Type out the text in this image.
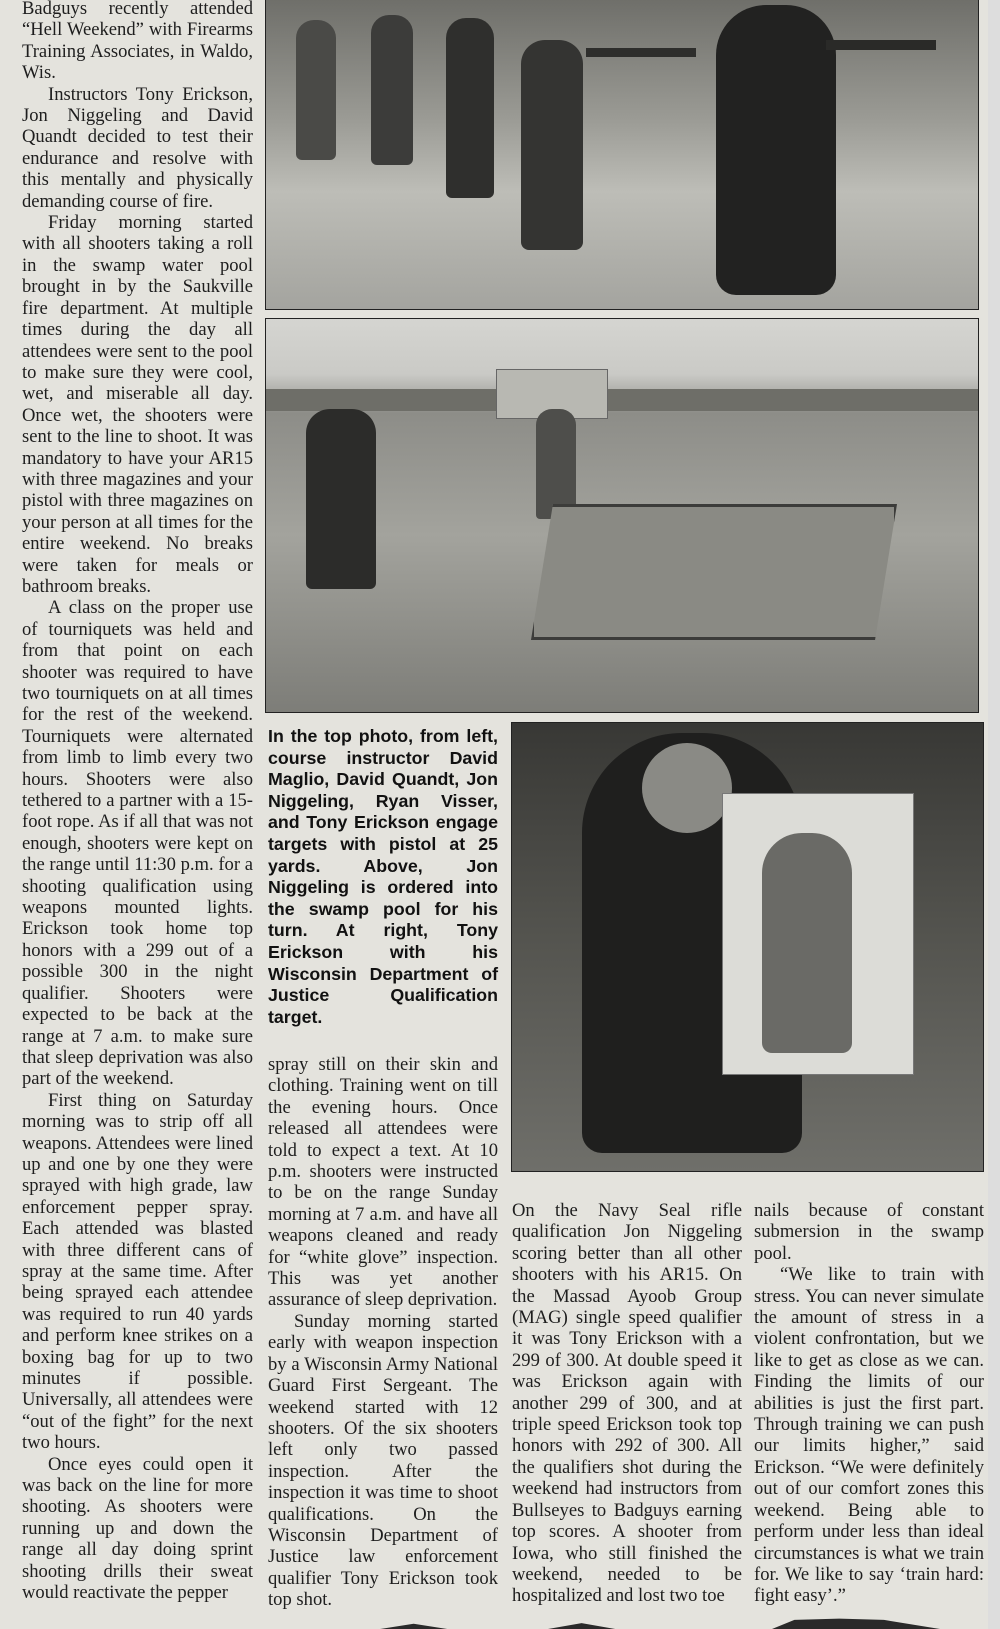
Badguys recently attended “Hell Weekend” with Firearms Training Associates, in Waldo, Wis.

Instructors Tony Erickson, Jon Niggeling and David Quandt decided to test their endurance and resolve with this mentally and physically demanding course of fire.

Friday morning started with all shooters taking a roll in the swamp water pool brought in by the Saukville fire department. At multiple times during the day all attendees were sent to the pool to make sure they were cool, wet, and miserable all day. Once wet, the shooters were sent to the line to shoot. It was mandatory to have your AR15 with three magazines and your pistol with three magazines on your person at all times for the entire weekend. No breaks were taken for meals or bathroom breaks.

A class on the proper use of tourniquets was held and from that point on each shooter was required to have two tourniquets on at all times for the rest of the weekend. Tourniquets were alternated from limb to limb every two hours. Shooters were also tethered to a partner with a 15-foot rope. As if all that was not enough, shooters were kept on the range until 11:30 p.m. for a shooting qualification using weapons mounted lights. Erickson took home top honors with a 299 out of a possible 300 in the night qualifier. Shooters were expected to be back at the range at 7 a.m. to make sure that sleep deprivation was also part of the weekend.

First thing on Saturday morning was to strip off all weapons. Attendees were lined up and one by one they were sprayed with high grade, law enforcement pepper spray. Each attended was blasted with three different cans of spray at the same time. After being sprayed each attendee was required to run 40 yards and perform knee strikes on a boxing bag for up to two minutes if possible. Universally, all attendees were “out of the fight” for the next two hours.

Once eyes could open it was back on the line for more shooting. As shooters were running up and down the range all day doing sprint shooting drills their sweat would reactivate the pepper

In the top photo, from left, course instructor David Maglio, David Quandt, Jon Niggeling, Ryan Visser, and Tony Erickson engage targets with pistol at 25 yards. Above, Jon Niggeling is ordered into the swamp pool for his turn. At right, Tony Erickson with his Wisconsin Department of Justice Qualification target.

spray still on their skin and clothing. Training went on till the evening hours. Once released all attendees were told to expect a text. At 10 p.m. shooters were instructed to be on the range Sunday morning at 7 a.m. and have all weapons cleaned and ready for “white glove” inspection. This was yet another assurance of sleep deprivation.

Sunday morning started early with weapon inspection by a Wisconsin Army National Guard First Sergeant. The weekend started with 12 shooters. Of the six shooters left only two passed inspection. After the inspection it was time to shoot qualifications. On the Wisconsin Department of Justice law enforcement qualifier Tony Erickson took top shot.

On the Navy Seal rifle qualification Jon Niggeling scoring better than all other shooters with his AR15. On the Massad Ayoob Group (MAG) single speed qualifier it was Tony Erickson with a 299 of 300. At double speed it was Erickson again with another 299 of 300, and at triple speed Erickson took top honors with 292 of 300. All the qualifiers shot during the weekend had instructors from Bullseyes to Badguys earning top scores. A shooter from Iowa, who still finished the weekend, needed to be hospitalized and lost two toe

nails because of constant submersion in the swamp pool.

“We like to train with stress. You can never simulate the amount of stress in a violent confrontation, but we like to get as close as we can. Finding the limits of our abilities is just the first part. Through training we can push our limits higher,” said Erickson. “We were definitely out of our comfort zones this weekend. Being able to perform under less than ideal circumstances is what we train for. We like to say ‘train hard: fight easy’.”
